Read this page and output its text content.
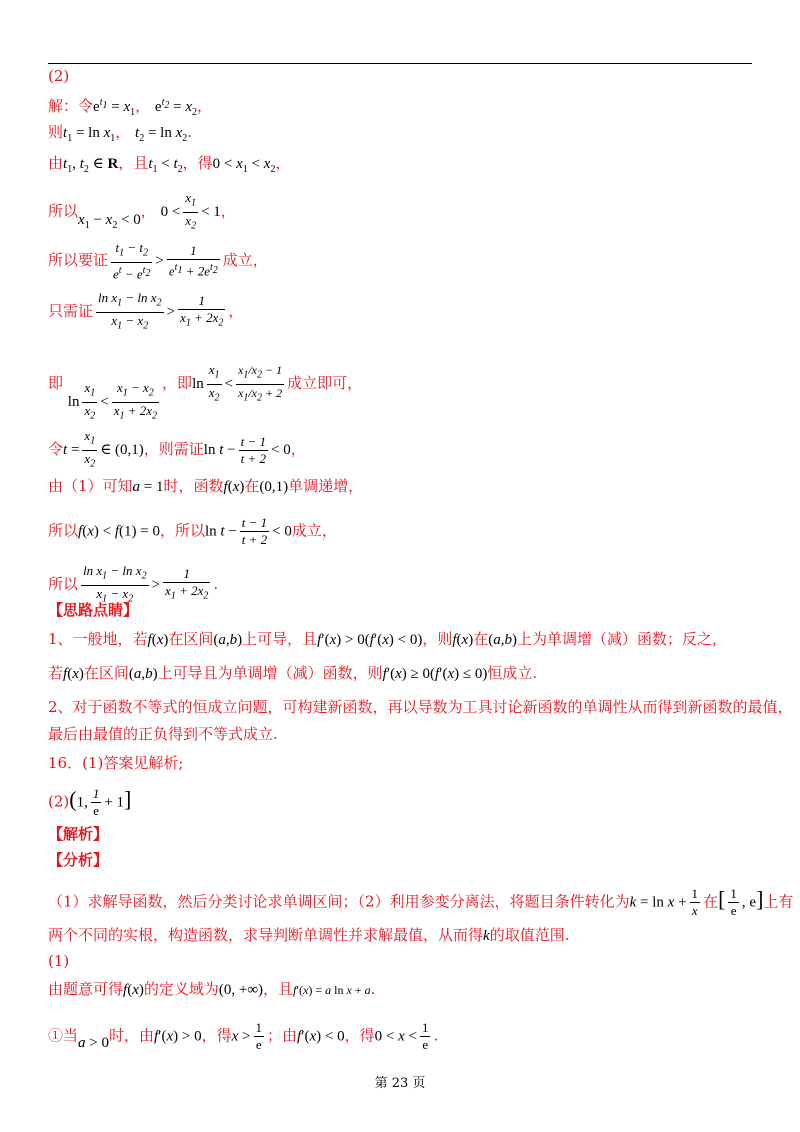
(2)
解：令$e^{t_1} = x_1$， $e^{t_2} = x_2$，
则$t_1 = \ln x_1$， $t_2 = \ln x_2$.
由$t_1$, $t_2$ ∈ R，且$t_1 < t_2$，得$0 < x_1 < x_2$，
所以$x_1 - x_2 < 0$， $0 < \frac{x_1}{x_2} < 1$，
所以要证 $\frac{t_1 - t_2}{e^t - e^{t_2}} > \frac{1}{e^{t_1} + 2e^{t_2}}$ 成立，
只需证 $\frac{\ln x_1 - \ln x_2}{x_1 - x_2} > \frac{1}{x_1 + 2x_2}$ ，
即 $\ln \frac{x_1}{x_2} < \frac{x_1 - x_2}{x_1 + 2x_2}$ ，即$\ln \frac{x_1}{x_2} < \frac{x_1/x_2 - 1}{x_1/x_2 + 2}$ 成立即可，
令$t = \frac{x_1}{x_2}$ ∈ (0,1)，则需证$\ln t - \frac{t - 1}{t + 2} < 0$，
由（1）可知a = 1时，函数f(x)在(0,1)单调递增，
所以f(x) < f(1) = 0，所以$\ln t - \frac{t - 1}{t + 2} < 0$成立，
所以 $\frac{\ln x_1 - \ln x_2}{x_1 - x_2} > \frac{1}{x_1 + 2x_2}$ .
【思路点睛】
1、一般地，若f(x)在区间(a,b)上可导，且f′(x) > 0(f′(x) < 0)，则f(x)在(a,b)上为单调增（减）函数；反之，
若f(x)在区间(a,b)上可导且为单调增（减）函数，则f′(x) ≥ 0(f′(x) ≤ 0)恒成立.
2、对于函数不等式的恒成立问题，可构建新函数，再以导数为工具讨论新函数的单调性从而得到新函数的最值，
最后由最值的正负得到不等式成立.
16．(1)答案见解析;
(2)(1, $\frac{1}{e} + 1$]
【解析】
【分析】
（1）求解导函数，然后分类讨论求单调区间；（2）利用参变分离法，将题目条件转化为$k = \ln x + \frac{1}{x}$ 在[ $\frac{1}{e}$ , e]上有
两个不同的实根，构造函数，求导判断单调性并求解最值，从而得k的取值范围.
(1)
由题意可得f(x)的定义域为(0, +∞)，且f′(x) = a ln x + a.
①当a > 0时，由f′(x) > 0，得$x > \frac{1}{e}$ ；由f′(x) < 0，得$0 < x < \frac{1}{e}$ .
第 23 页
